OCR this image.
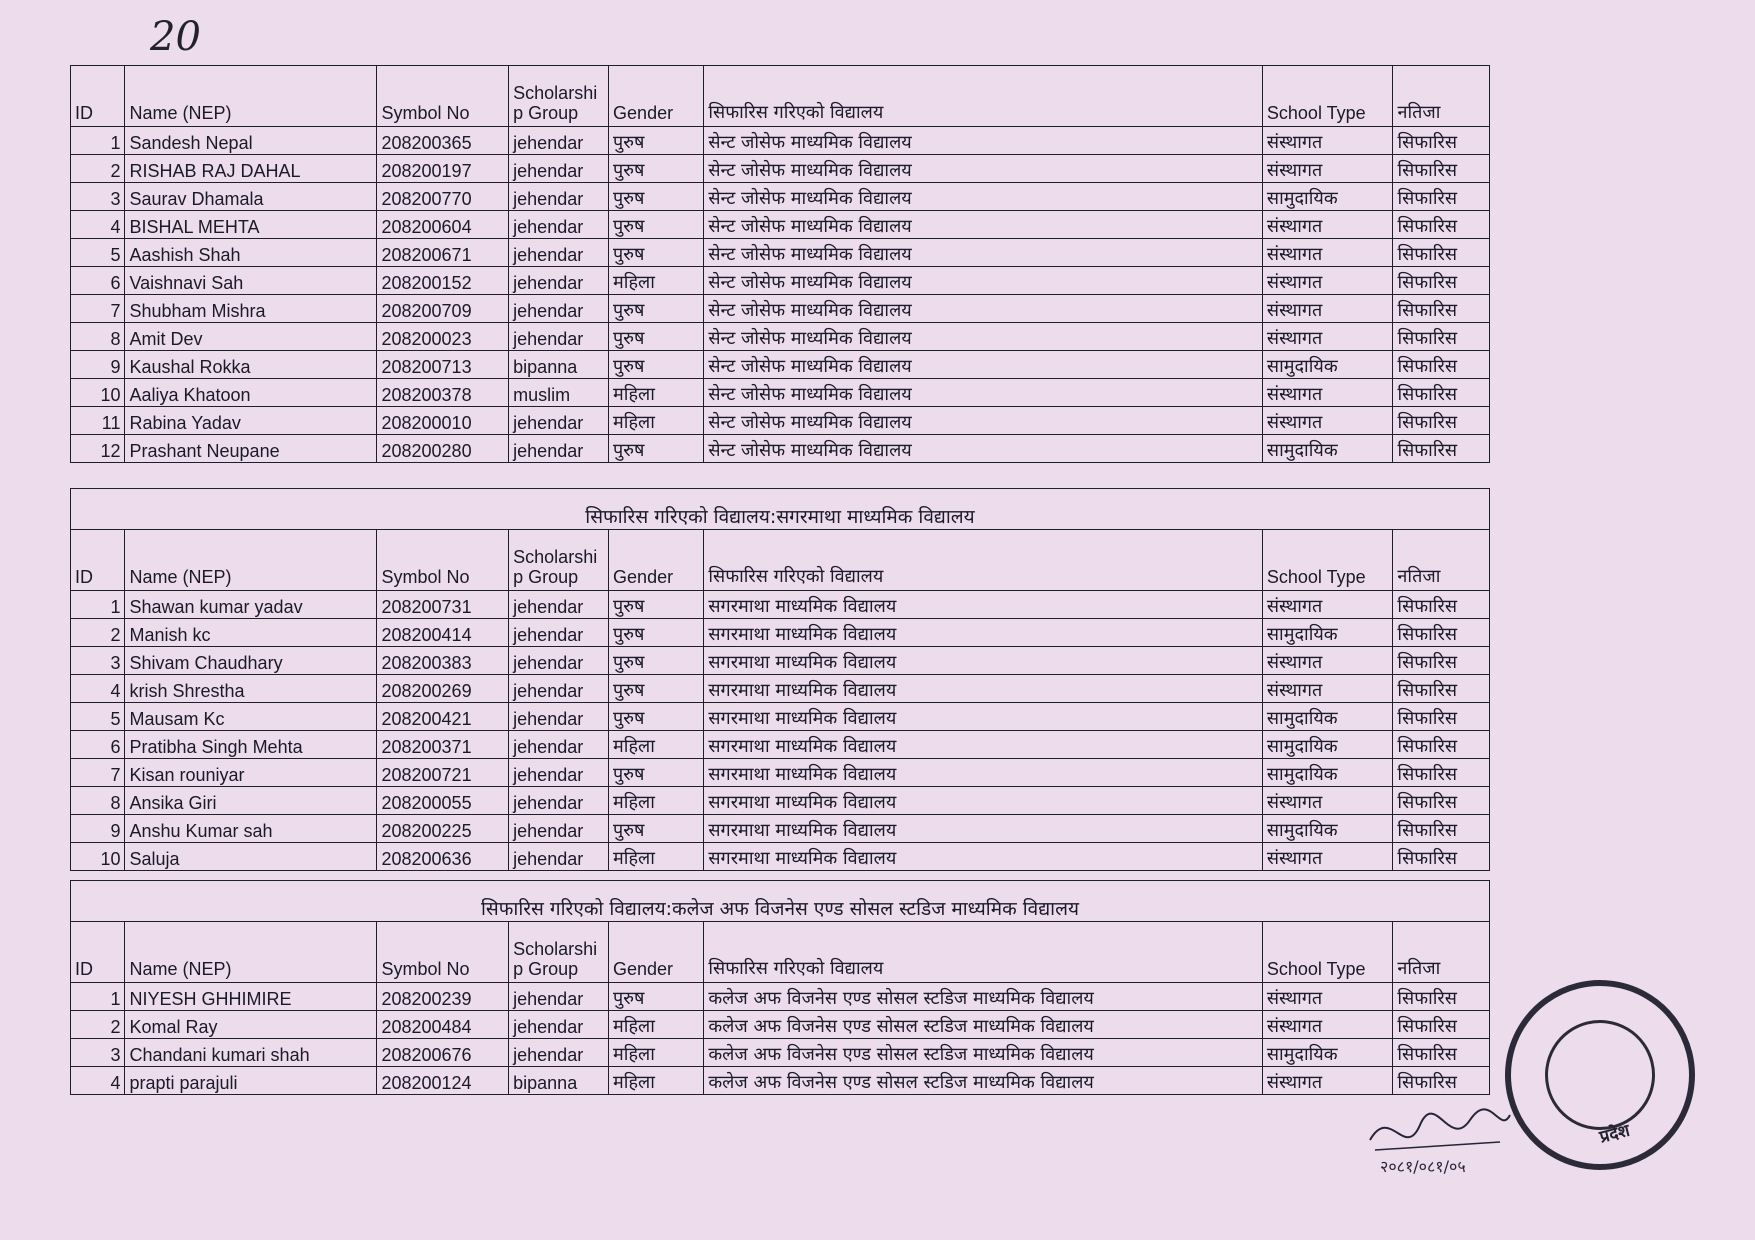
20
ID	Name (NEP)	Symbol No	Scholarshi p Group	Gender	सिफारिस गरिएको विद्यालय	School Type	नतिजा
1	Sandesh Nepal	208200365	jehendar	पुरुष	सेन्ट जोसेफ माध्यमिक विद्यालय	संस्थागत	सिफारिस
2	RISHAB RAJ DAHAL	208200197	jehendar	पुरुष	सेन्ट जोसेफ माध्यमिक विद्यालय	संस्थागत	सिफारिस
3	Saurav Dhamala	208200770	jehendar	पुरुष	सेन्ट जोसेफ माध्यमिक विद्यालय	सामुदायिक	सिफारिस
4	BISHAL MEHTA	208200604	jehendar	पुरुष	सेन्ट जोसेफ माध्यमिक विद्यालय	संस्थागत	सिफारिस
5	Aashish Shah	208200671	jehendar	पुरुष	सेन्ट जोसेफ माध्यमिक विद्यालय	संस्थागत	सिफारिस
6	Vaishnavi Sah	208200152	jehendar	महिला	सेन्ट जोसेफ माध्यमिक विद्यालय	संस्थागत	सिफारिस
7	Shubham Mishra	208200709	jehendar	पुरुष	सेन्ट जोसेफ माध्यमिक विद्यालय	संस्थागत	सिफारिस
8	Amit Dev	208200023	jehendar	पुरुष	सेन्ट जोसेफ माध्यमिक विद्यालय	संस्थागत	सिफारिस
9	Kaushal Rokka	208200713	bipanna	पुरुष	सेन्ट जोसेफ माध्यमिक विद्यालय	सामुदायिक	सिफारिस
10	Aaliya Khatoon	208200378	muslim	महिला	सेन्ट जोसेफ माध्यमिक विद्यालय	संस्थागत	सिफारिस
11	Rabina Yadav	208200010	jehendar	महिला	सेन्ट जोसेफ माध्यमिक विद्यालय	संस्थागत	सिफारिस
12	Prashant Neupane	208200280	jehendar	पुरुष	सेन्ट जोसेफ माध्यमिक विद्यालय	सामुदायिक	सिफारिस
सिफारिस गरिएको विद्यालय:सगरमाथा माध्यमिक विद्यालय							
ID	Name (NEP)	Symbol No	Scholarshi p Group	Gender	सिफारिस गरिएको विद्यालय	School Type	नतिजा
1	Shawan kumar yadav	208200731	jehendar	पुरुष	सगरमाथा माध्यमिक विद्यालय	संस्थागत	सिफारिस
2	Manish kc	208200414	jehendar	पुरुष	सगरमाथा माध्यमिक विद्यालय	सामुदायिक	सिफारिस
3	Shivam Chaudhary	208200383	jehendar	पुरुष	सगरमाथा माध्यमिक विद्यालय	संस्थागत	सिफारिस
4	krish Shrestha	208200269	jehendar	पुरुष	सगरमाथा माध्यमिक विद्यालय	संस्थागत	सिफारिस
5	Mausam Kc	208200421	jehendar	पुरुष	सगरमाथा माध्यमिक विद्यालय	सामुदायिक	सिफारिस
6	Pratibha Singh Mehta	208200371	jehendar	महिला	सगरमाथा माध्यमिक विद्यालय	सामुदायिक	सिफारिस
7	Kisan rouniyar	208200721	jehendar	पुरुष	सगरमाथा माध्यमिक विद्यालय	सामुदायिक	सिफारिस
8	Ansika Giri	208200055	jehendar	महिला	सगरमाथा माध्यमिक विद्यालय	संस्थागत	सिफारिस
9	Anshu Kumar sah	208200225	jehendar	पुरुष	सगरमाथा माध्यमिक विद्यालय	सामुदायिक	सिफारिस
10	Saluja	208200636	jehendar	महिला	सगरमाथा माध्यमिक विद्यालय	संस्थागत	सिफारिस
सिफारिस गरिएको विद्यालय:कलेज अफ विजनेस एण्ड सोसल स्टडिज माध्यमिक विद्यालय							
ID	Name (NEP)	Symbol No	Scholarshi p Group	Gender	सिफारिस गरिएको विद्यालय	School Type	नतिजा
1	NIYESH GHHIMIRE	208200239	jehendar	पुरुष	कलेज अफ विजनेस एण्ड सोसल स्टडिज माध्यमिक विद्यालय	संस्थागत	सिफारिस
2	Komal Ray	208200484	jehendar	महिला	कलेज अफ विजनेस एण्ड सोसल स्टडिज माध्यमिक विद्यालय	संस्थागत	सिफारिस
3	Chandani kumari shah	208200676	jehendar	महिला	कलेज अफ विजनेस एण्ड सोसल स्टडिज माध्यमिक विद्यालय	सामुदायिक	सिफारिस
4	prapti parajuli	208200124	bipanna	महिला	कलेज अफ विजनेस एण्ड सोसल स्टडिज माध्यमिक विद्यालय	संस्थागत	सिफारिस
प्रदेश
२०८१/०८१/०५
